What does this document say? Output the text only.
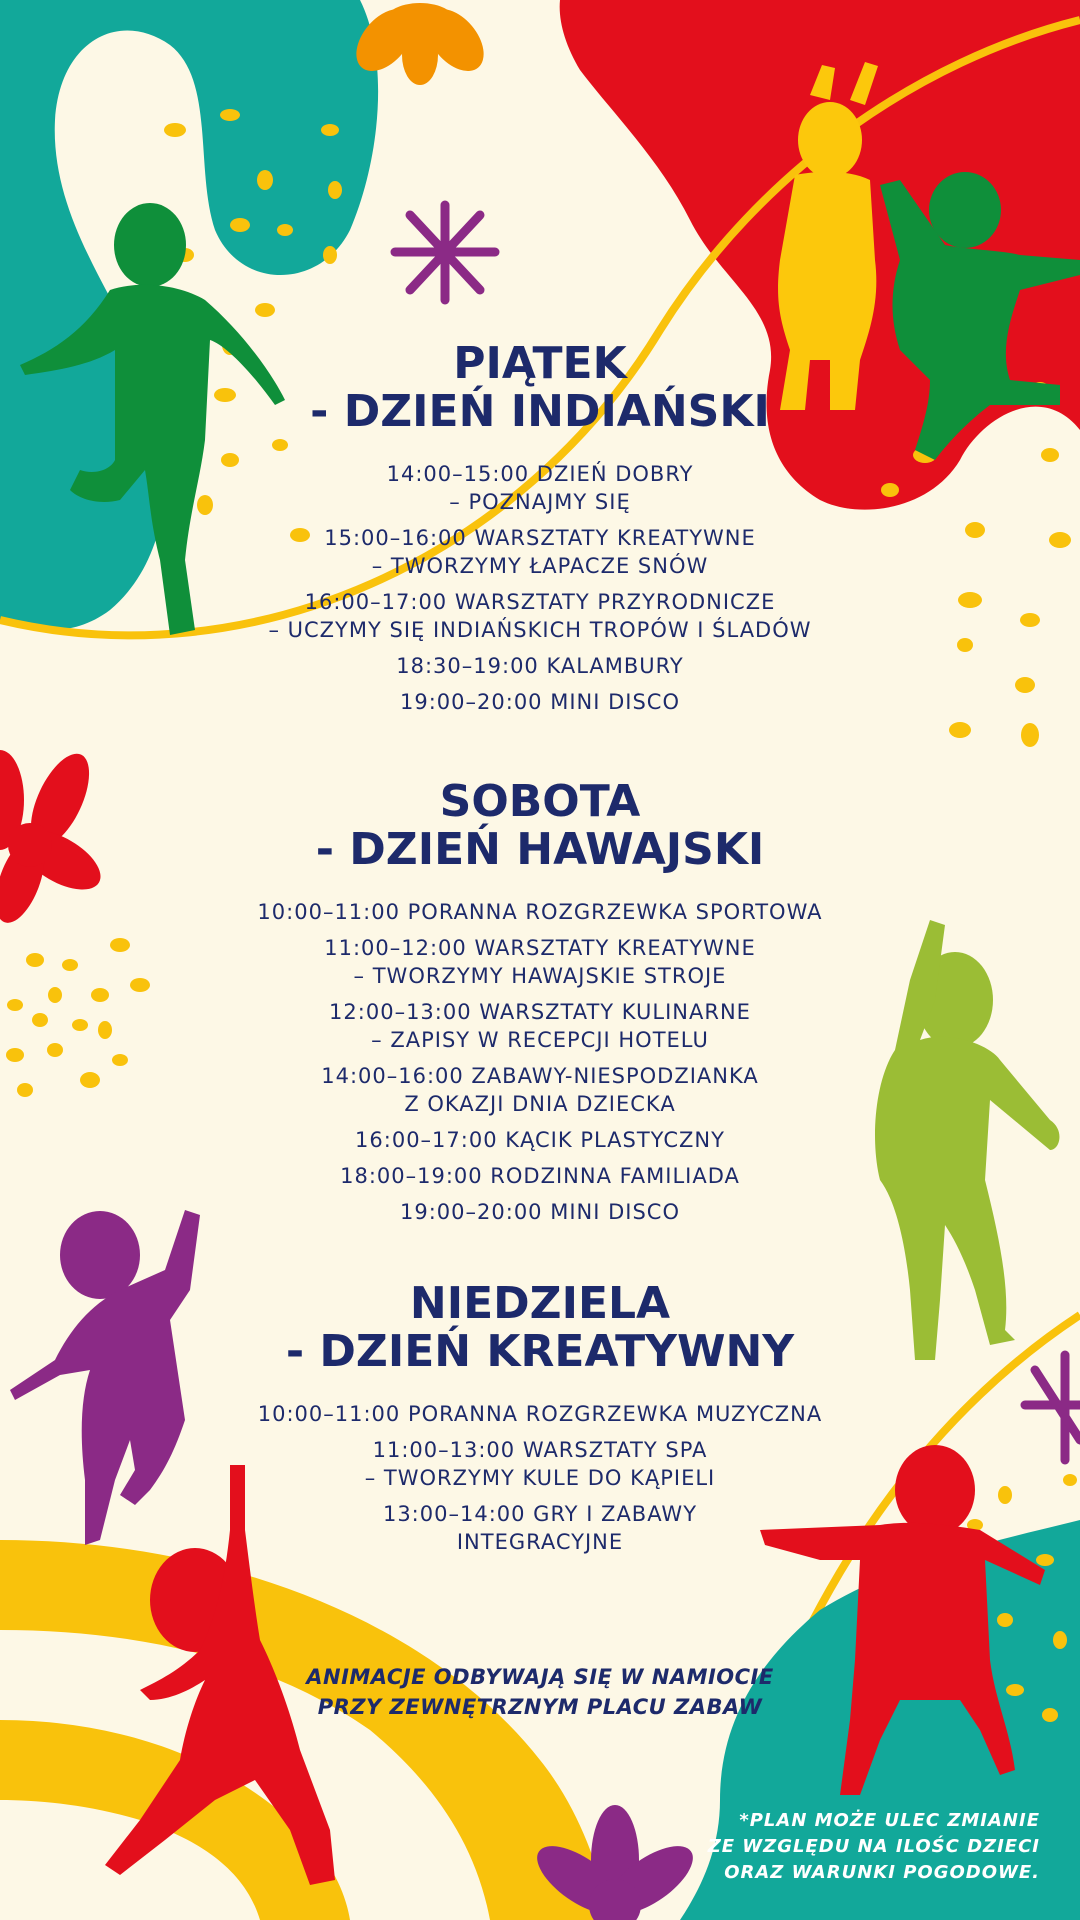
PIĄTEK
- DZIEŃ INDIAŃSKI
14:00–15:00 DZIEŃ DOBRY
– POZNAJMY SIĘ
15:00–16:00 WARSZTATY KREATYWNE
– TWORZYMY ŁAPACZE SNÓW
16:00–17:00 WARSZTATY PRZYRODNICZE
– UCZYMY SIĘ INDIAŃSKICH TROPÓW I ŚLADÓW
18:30–19:00 KALAMBURY
19:00–20:00 MINI DISCO
SOBOTA
- DZIEŃ HAWAJSKI
10:00–11:00 PORANNA ROZGRZEWKA SPORTOWA
11:00–12:00 WARSZTATY KREATYWNE
– TWORZYMY HAWAJSKIE STROJE
12:00–13:00 WARSZTATY KULINARNE
– ZAPISY W RECEPCJI HOTELU
14:00–16:00 ZABAWY-NIESPODZIANKA
Z OKAZJI DNIA DZIECKA
16:00–17:00 KĄCIK PLASTYCZNY
18:00–19:00 RODZINNA FAMILIADA
19:00–20:00 MINI DISCO
NIEDZIELA
- DZIEŃ KREATYWNY
10:00–11:00 PORANNA ROZGRZEWKA MUZYCZNA
11:00–13:00 WARSZTATY SPA
– TWORZYMY KULE DO KĄPIELI
13:00–14:00 GRY I ZABAWY
INTEGRACYJNE
ANIMACJE ODBYWAJĄ SIĘ W NAMIOCIE
PRZY ZEWNĘTRZNYM PLACU ZABAW
*PLAN MOŻE ULEC ZMIANIE
ZE WZGLĘDU NA ILOŚC DZIECI
ORAZ WARUNKI POGODOWE.
